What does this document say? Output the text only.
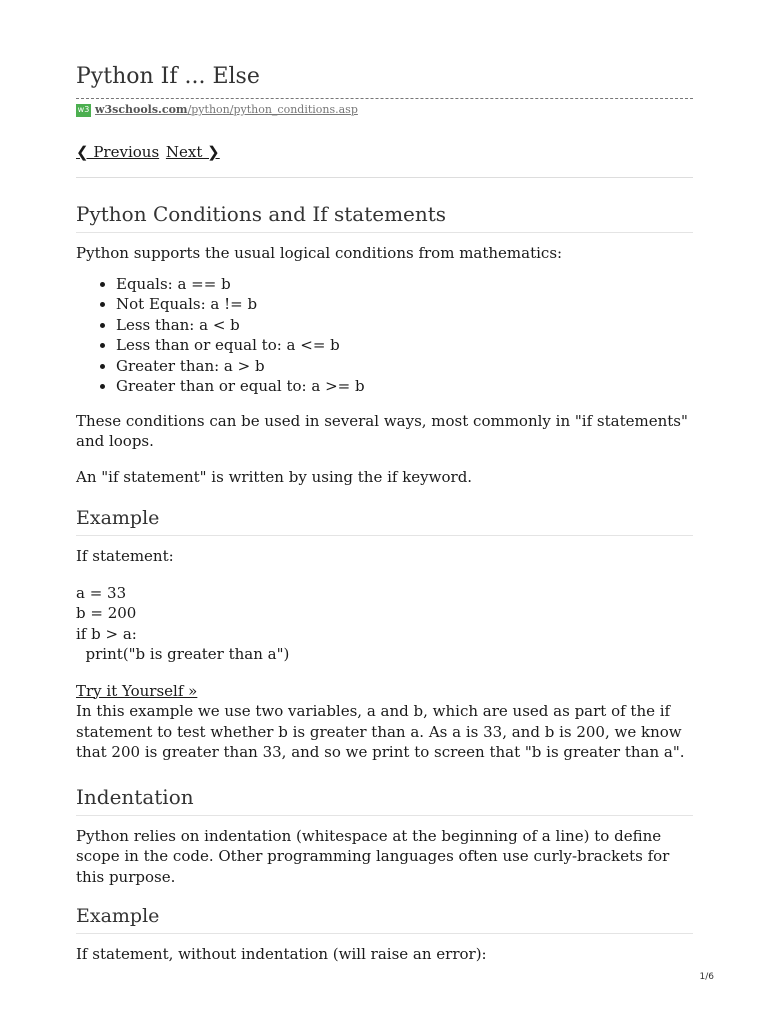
Python If ... Else
w3 w3schools.com/python/python_conditions.asp
❮ Previous Next ❯
Python Conditions and If statements

Python supports the usual logical conditions from mathematics:

• Equals: a == b
• Not Equals: a != b
• Less than: a < b
• Less than or equal to: a <= b
• Greater than: a > b
• Greater than or equal to: a >= b

These conditions can be used in several ways, most commonly in "if statements" and loops.

An "if statement" is written by using the if keyword.

Example

If statement:

a = 33
b = 200
if b > a:
print("b is greater than a")
Try it Yourself »

In this example we use two variables, a and b, which are used as part of the if statement to test whether b is greater than a. As a is 33, and b is 200, we know that 200 is greater than 33, and so we print to screen that "b is greater than a".

Indentation

Python relies on indentation (whitespace at the beginning of a line) to define scope in the code. Other programming languages often use curly-brackets for this purpose.

Example

If statement, without indentation (will raise an error):

1/6
